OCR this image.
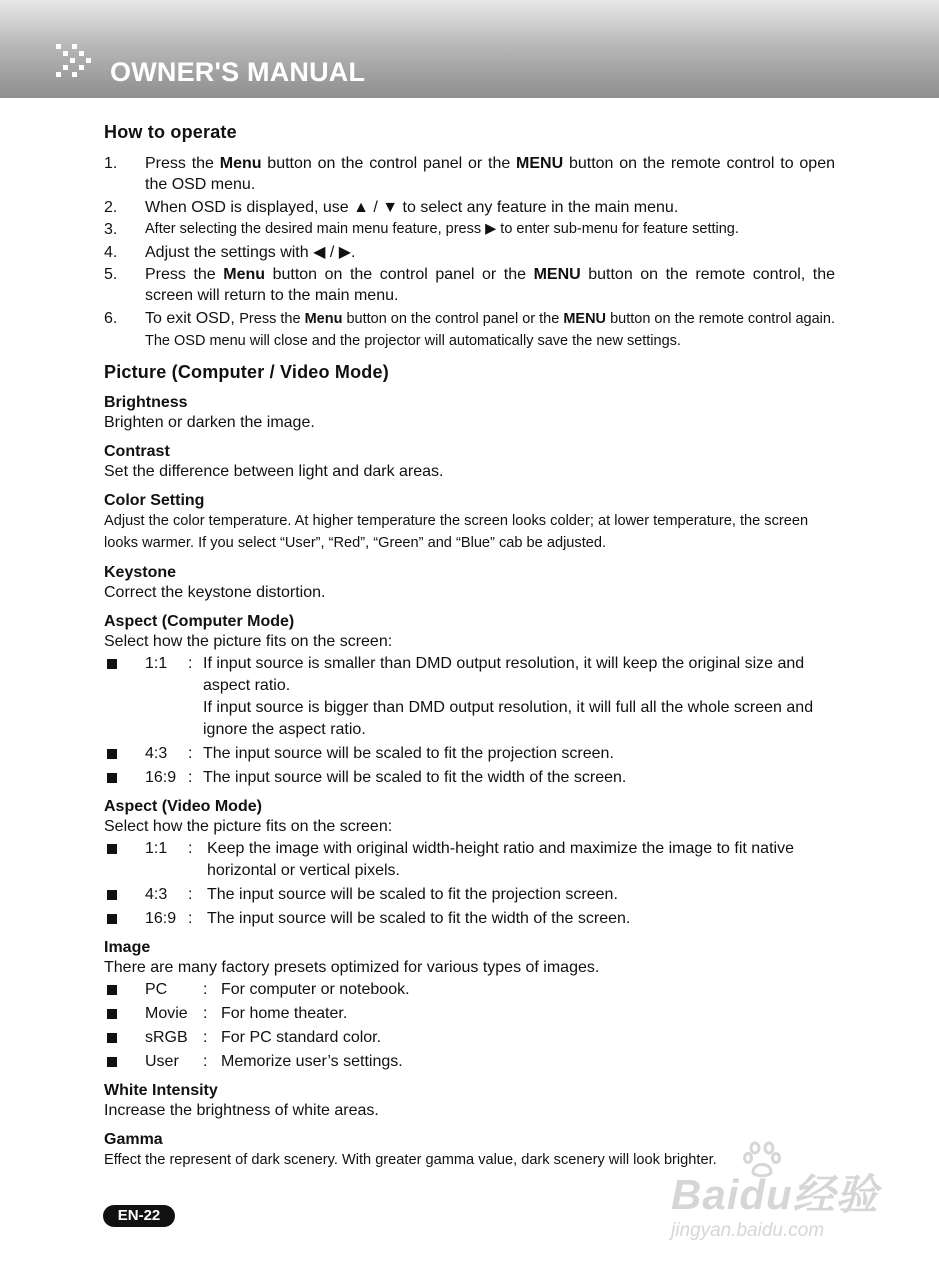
OWNER'S MANUAL
How to operate
1.	Press the Menu button on the control panel or the MENU button on the remote control to open the OSD menu.
2.	When OSD is displayed, use ▲ / ▼ to select any feature in the main menu.
3.	After selecting the desired main menu feature, press ▶ to enter sub-menu for feature setting.
4.	Adjust the settings with ◀ / ▶.
5.	Press the Menu button on the control panel or the MENU button on the remote control, the screen will return to the main menu.
6.	To exit OSD, Press the Menu button on the control panel or the MENU button on the remote control again. The OSD menu will close and the projector will automatically save the new settings.
Picture (Computer / Video Mode)
Brightness
Brighten or darken the image.
Contrast
Set the difference between light and dark areas.
Color Setting
Adjust the color temperature. At higher temperature the screen looks colder; at lower temperature, the screen looks warmer. If you select “User”, “Red”, “Green” and “Blue” cab be adjusted.
Keystone
Correct the keystone distortion.
Aspect (Computer Mode)
Select how the picture fits on the screen:
1:1	: If input source is smaller than DMD output resolution, it will keep the original size and aspect ratio.
If input source is bigger than DMD output resolution, it will full all the whole screen and ignore the aspect ratio.
4:3	: The input source will be scaled to fit the projection screen.
16:9 : The input source will be scaled to fit the width of the screen.
Aspect (Video Mode)
Select how the picture fits on the screen:
1:1	: Keep the image with original width-height ratio and maximize the image to fit native horizontal or vertical pixels.
4:3	: The input source will be scaled to fit the projection screen.
16:9 : The input source will be scaled to fit the width of the screen.
Image
There are many factory presets optimized for various types of images.
PC	: For computer or notebook.
Movie : For home theater.
sRGB : For PC standard color.
User	: Memorize user’s settings.
White Intensity
Increase the brightness of white areas.
Gamma
Effect the represent of dark scenery. With greater gamma value, dark scenery will look brighter.
EN-22	Baidu经验
jingyan.baidu.com
